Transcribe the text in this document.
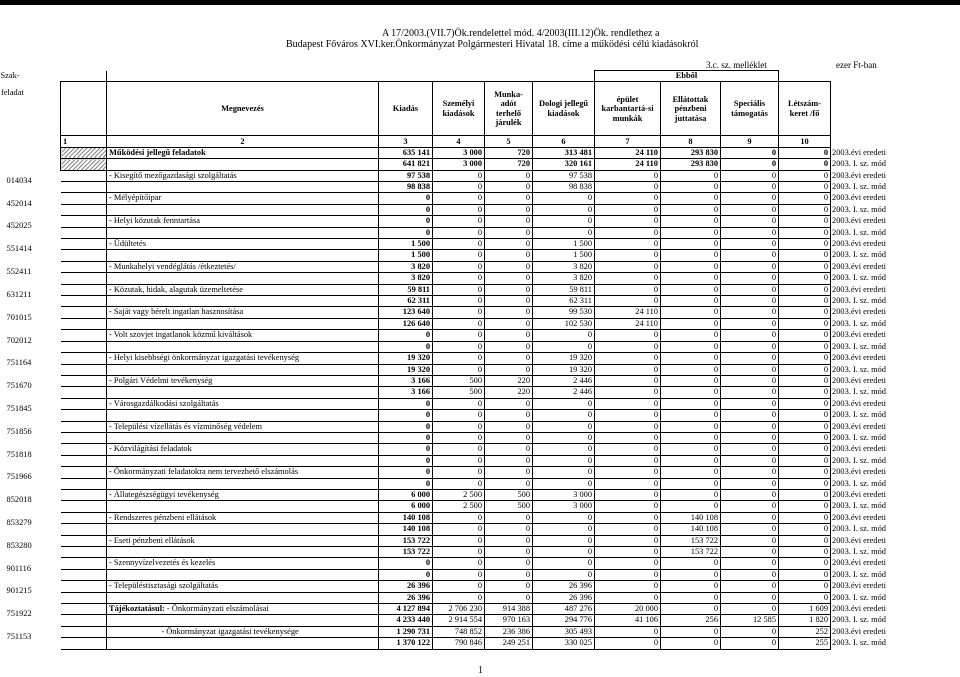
A 17/2003.(VII.7)Ök.rendelettel mód. 4/2003(III.12)Ök. rendlethez a
Budapest Főváros XVI.ker.Önkormányzat Polgármesteri Hivatal 18. címe a működési célú kiadásokról
3.c. sz. melléklet	ezer Ft-ban
Szak-						Ebből		

feladat	Megnevezés	Kiadás	Személyi kiadások	Munka-adót terhelő járulék	Dologi jellegű kiadások	épület karbantartá-si munkák	Ellátottak pénzbeni juttatása	Speciális támogatás	Létszám-keret /fő	
1	2	3	4	5	6	7	8	9	10	
	Működési jellegű feladatok	635 141	3 000	720	313 481	24 110	293 830	0	0	2003.évi eredeti
		641 821	3 000	720	320 161	24 110	293 830	0	0	2003. I. sz. mód

014034	- Kisegítő mezőgazdasági szolgáltatás	97 538	0	0	97 538	0	0	0	0	2003.évi eredeti

		98 838	0	0	98 838	0	0	0	0	2003. I. sz. mód

452014	- Mélyépítőipar	0	0	0	0	0	0	0	0	2003.évi eredeti

		0	0	0	0	0	0	0	0	2003. I. sz. mód

452025	- Helyi közutak fenntartása	0	0	0	0	0	0	0	0	2003.évi eredeti

		0	0	0	0	0	0	0	0	2003. I. sz. mód

551414	- Üdültetés	1 500	0	0	1 500	0	0	0	0	2003.évi eredeti

		1 500	0	0	1 500	0	0	0	0	2003. I. sz. mód

552411	- Munkahelyi vendéglátás /étkeztetés/	3 820	0	0	3 820	0	0	0	0	2003.évi eredeti

		3 820	0	0	3 820	0	0	0	0	2003. I. sz. mód

631211	- Közutak, hidak, alagutak üzemeltetése	59 811	0	0	59 811	0	0	0	0	2003.évi eredeti

		62 311	0	0	62 311	0	0	0	0	2003. I. sz. mód

701015	- Saját vagy bérelt ingatlan hasznosítása	123 640	0	0	99 530	24 110	0	0	0	2003.évi eredeti

		126 640	0	0	102 530	24 110	0	0	0	2003. I. sz. mód

702012	- Volt szovjet ingatlanok közmű kiváltások	0	0	0	0	0	0	0	0	2003.évi eredeti

		0	0	0	0	0	0	0	0	2003. I. sz. mód

751164	- Helyi kisebbségi önkormányzat igazgatási tevékenység	19 320	0	0	19 320	0	0	0	0	2003.évi eredeti

		19 320	0	0	19 320	0	0	0	0	2003. I. sz. mód

751670	- Polgári Védelmi tevékenység	3 166	500	220	2 446	0	0	0	0	2003.évi eredeti

		3 166	500	220	2 446	0	0	0	0	2003. I. sz. mód

751845	- Városgazdálkodási szolgáltatás	0	0	0	0	0	0	0	0	2003.évi eredeti

		0	0	0	0	0	0	0	0	2003. I. sz. mód

751856	- Települési vízellátás és vízminőség védelem	0	0	0	0	0	0	0	0	2003.évi eredeti

		0	0	0	0	0	0	0	0	2003. I. sz. mód

751818	- Közvilágítási feladatok	0	0	0	0	0	0	0	0	2003.évi eredeti

		0	0	0	0	0	0	0	0	2003. I. sz. mód

751966	- Önkormányzati feladatokra nem tervezhető elszámolás	0	0	0	0	0	0	0	0	2003.évi eredeti

		0	0	0	0	0	0	0	0	2003. I. sz. mód

852018	- Állategészségügyi tevékenység	6 000	2 500	500	3 000	0	0	0	0	2003.évi eredeti

		6 000	2 500	500	3 000	0	0	0	0	2003. I. sz. mód

853279	- Rendszeres pénzbeni ellátások	140 108	0	0	0	0	140 108	0	0	2003.évi eredeti

		140 108	0	0	0	0	140 108	0	0	2003. I. sz. mód

853280	- Eseti pénzbeni ellátások	153 722	0	0	0	0	153 722	0	0	2003.évi eredeti

		153 722	0	0	0	0	153 722	0	0	2003. I. sz. mód

901116	- Szennyvízelvezetés és kezelés	0	0	0	0	0	0	0	0	2003.évi eredeti

		0	0	0	0	0	0	0	0	2003. I. sz. mód

901215	- Településtisztasági szolgáltatás	26 396	0	0	26 396	0	0	0	0	2003.évi eredeti

		26 396	0	0	26 396	0	0	0	0	2003. I. sz. mód

751922	Tájékoztatásul: - Önkormányzati elszámolásai	4 127 894	2 706 230	914 388	487 276	20 000	0	0	1 609	2003.évi eredeti

		4 233 440	2 914 554	970 163	294 776	41 106	256	12 585	1 820	2003. I. sz. mód

751153	- Önkormányzat igazgatási tevékenysége	1 290 731	748 852	236 386	305 493	0	0	0	252	2003.évi eredeti

		1 370 122	790 846	249 251	330 025	0	0	0	255	2003. I. sz. mód
1
